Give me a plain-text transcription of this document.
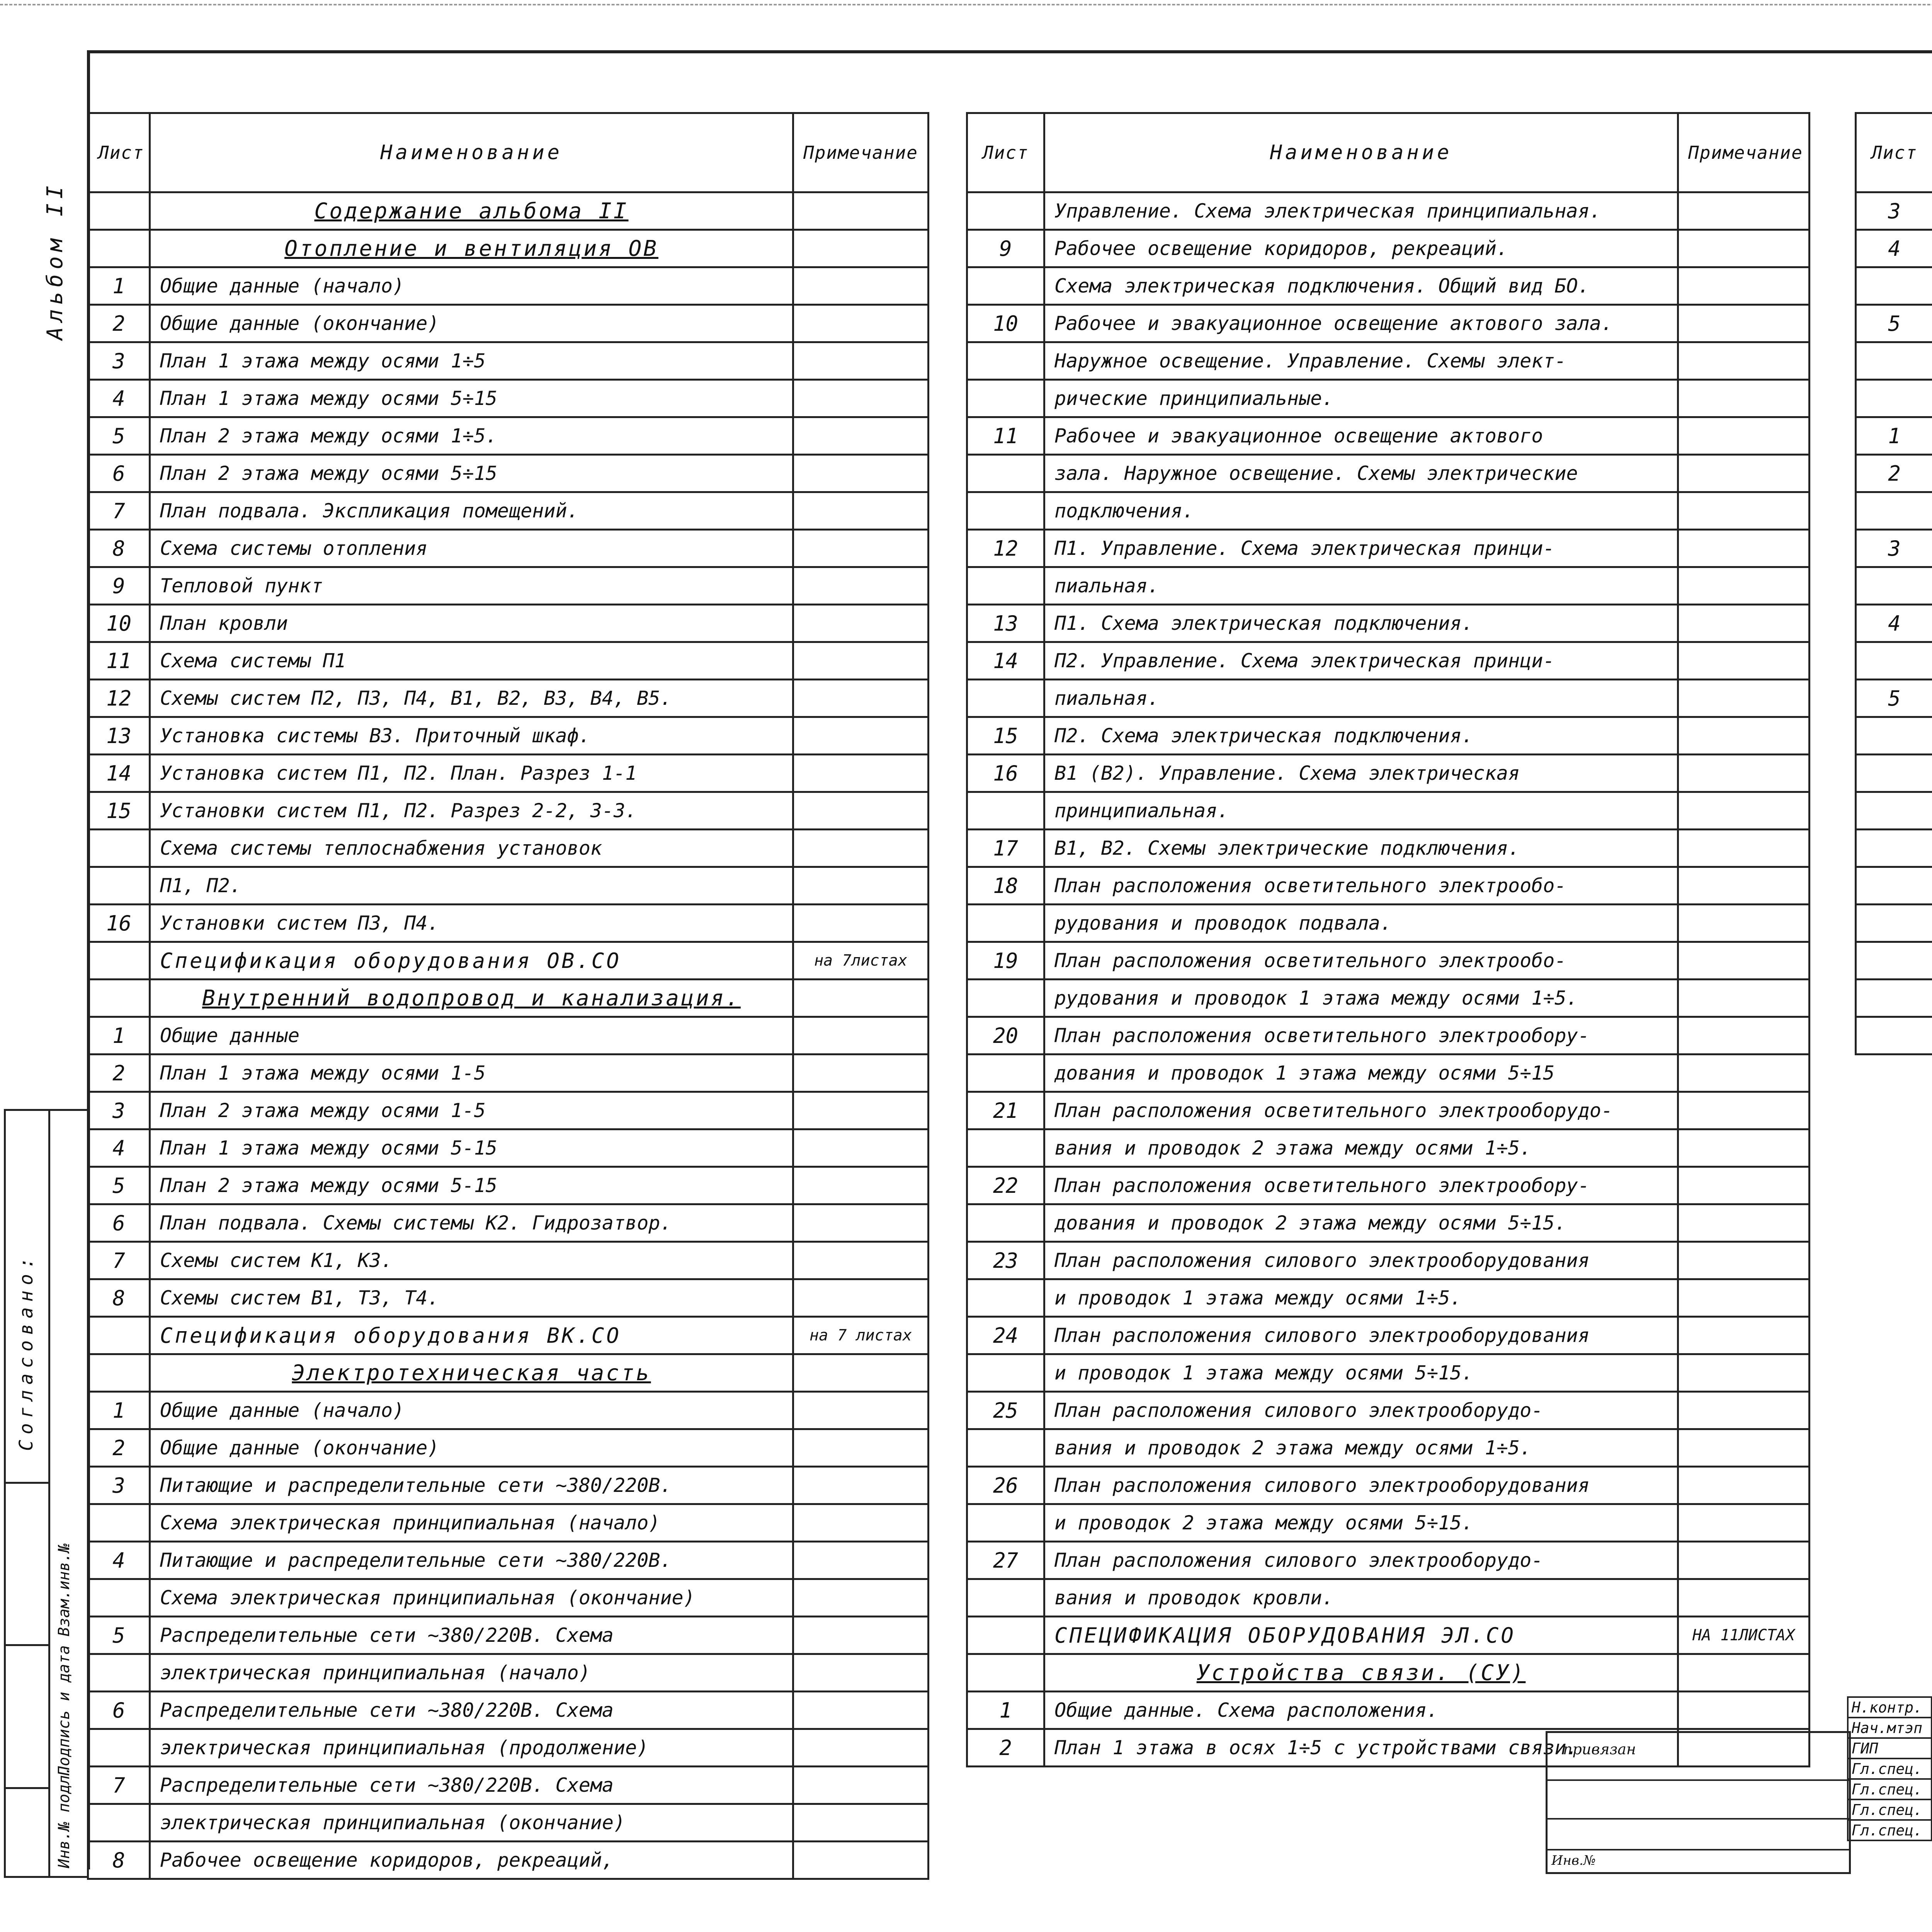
Альбом II
Согласовано:
Инв.№ подл.
Подпись и дата
Взам.инв.№
Лист	Наименование	Примечание
	Содержание альбома II	
	Отопление и вентиляция ОВ	
1	Общие данные (начало)	
2	Общие данные (окончание)	
3	План 1 этажа между осями 1÷5	
4	План 1 этажа между осями 5÷15	
5	План 2 этажа между осями 1÷5.	
6	План 2 этажа между осями 5÷15	
7	План подвала. Экспликация помещений.	
8	Схема системы отопления	
9	Тепловой пункт	
10	План кровли	
11	Схема системы П1	
12	Схемы систем П2, П3, П4, В1, В2, В3, В4, В5.	
13	Установка системы В3. Приточный шкаф.	
14	Установка систем П1, П2. План. Разрез 1-1	
15	Установки систем П1, П2. Разрез 2-2, 3-3.	
	Схема системы теплоснабжения установок	
	П1, П2.	
16	Установки систем П3, П4.	
	Спецификация оборудования ОВ.СО	на 7листах
	Внутренний водопровод и канализация.	
1	Общие данные	
2	План 1 этажа между осями 1-5	
3	План 2 этажа между осями 1-5	
4	План 1 этажа между осями 5-15	
5	План 2 этажа между осями 5-15	
6	План подвала. Схемы системы К2. Гидрозатвор.	
7	Схемы систем К1, К3.	
8	Схемы систем В1, Т3, Т4.	
	Спецификация оборудования ВК.СО	на 7 листах
	Электротехническая часть	
1	Общие данные (начало)	
2	Общие данные (окончание)	
3	Питающие и распределительные сети ~380/220В.	
	Схема электрическая принципиальная (начало)	
4	Питающие и распределительные сети ~380/220В.	
	Схема электрическая принципиальная (окончание)	
5	Распределительные сети ~380/220В. Схема	
	электрическая принципиальная (начало)	
6	Распределительные сети ~380/220В. Схема	
	электрическая принципиальная (продолжение)	
7	Распределительные сети ~380/220В. Схема	
	электрическая принципиальная (окончание)	
8	Рабочее освещение коридоров, рекреаций,	
Лист	Наименование	Примечание
	Управление. Схема электрическая принципиальная.	
9	Рабочее освещение коридоров, рекреаций.	
	Схема электрическая подключения. Общий вид БО.	
10	Рабочее и эвакуационное освещение актового зала.	
	Наружное освещение. Управление. Схемы элект-	
	рические принципиальные.	
11	Рабочее и эвакуационное освещение актового	
	зала. Наружное освещение. Схемы электрические	
	подключения.	
12	П1. Управление. Схема электрическая принци-	
	пиальная.	
13	П1. Схема электрическая подключения.	
14	П2. Управление. Схема электрическая принци-	
	пиальная.	
15	П2. Схема электрическая подключения.	
16	В1 (В2). Управление. Схема электрическая	
	принципиальная.	
17	В1, В2. Схемы электрические подключения.	
18	План расположения осветительного электрообо-	
	рудования и проводок подвала.	
19	План расположения осветительного электрообо-	
	рудования и проводок 1 этажа между осями 1÷5.	
20	План расположения осветительного электрообору-	
	дования и проводок 1 этажа между осями 5÷15	
21	План расположения осветительного электрооборудо-	
	вания и проводок 2 этажа между осями 1÷5.	
22	План расположения осветительного электрообору-	
	дования и проводок 2 этажа между осями 5÷15.	
23	План расположения силового электрооборудования	
	и проводок 1 этажа между осями 1÷5.	
24	План расположения силового электрооборудования	
	и проводок 1 этажа между осями 5÷15.	
25	План расположения силового электрооборудо-	
	вания и проводок 2 этажа между осями 1÷5.	
26	План расположения силового электрооборудования	
	и проводок 2 этажа между осями 5÷15.	
27	План расположения силового электрооборудо-	
	вания и проводок кровли.	
	СПЕЦИФИКАЦИЯ ОБОРУДОВАНИЯ ЭЛ.СО	НА 11ЛИСТАХ
	Устройства связи. (СУ)	
1	Общие данные. Схема расположения.	
2	План 1 этажа в осях 1÷5 с устройствами связи.	
Лист		
3		
4		

5		

1		
2		

3		

4		

5		

привязан
Инв.№
Н.контр.			
Нач.мтэп			
ГИП			
Гл.спец.			
Гл.спец.			
Гл.спец.			
Гл.спец.			
